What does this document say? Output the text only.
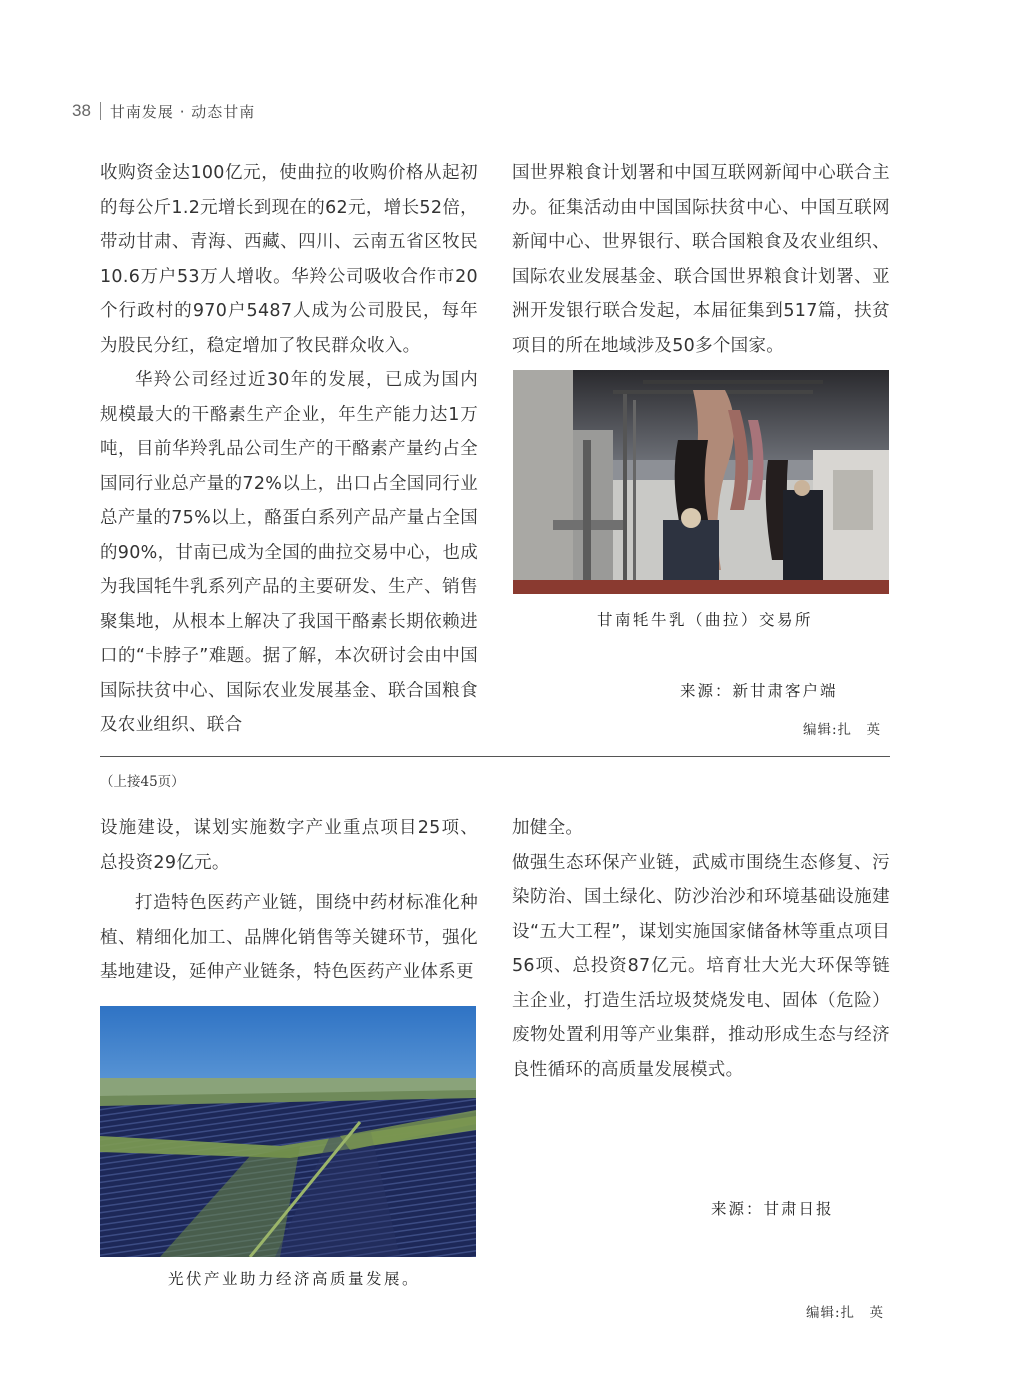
38 甘南发展 · 动态甘南

收购资金达100亿元，使曲拉的收购价格从起初的每公斤1.2元增长到现在的62元，增长52倍，带动甘肃、青海、西藏、四川、云南五省区牧民10.6万户53万人增收。华羚公司吸收合作市20个行政村的970户5487人成为公司股民，每年为股民分红，稳定增加了牧民群众收入。

华羚公司经过近30年的发展，已成为国内规模最大的干酪素生产企业，年生产能力达1万吨，目前华羚乳品公司生产的干酪素产量约占全国同行业总产量的72%以上，出口占全国同行业总产量的75%以上，酪蛋白系列产品产量占全国的90%，甘南已成为全国的曲拉交易中心，也成为我国牦牛乳系列产品的主要研发、生产、销售聚集地，从根本上解决了我国干酪素长期依赖进口的“卡脖子”难题。据了解，本次研讨会由中国国际扶贫中心、国际农业发展基金、联合国粮食及农业组织、联合

国世界粮食计划署和中国互联网新闻中心联合主办。征集活动由中国国际扶贫中心、中国互联网新闻中心、世界银行、联合国粮食及农业组织、国际农业发展基金、联合国世界粮食计划署、亚洲开发银行联合发起，本届征集到517篇，扶贫项目的所在地域涉及50多个国家。

甘南牦牛乳（曲拉）交易所
来源：新甘肃客户端
编辑:扎　英
（上接45页）

设施建设，谋划实施数字产业重点项目25项、总投资29亿元。

打造特色医药产业链，围绕中药材标准化种植、精细化加工、品牌化销售等关键环节，强化基地建设，延伸产业链条，特色医药产业体系更

加健全。

做强生态环保产业链，武威市围绕生态修复、污染防治、国土绿化、防沙治沙和环境基础设施建设“五大工程”，谋划实施国家储备林等重点项目56项、总投资87亿元。培育壮大光大环保等链主企业，打造生活垃圾焚烧发电、固体（危险）废物处置利用等产业集群，推动形成生态与经济良性循环的高质量发展模式。

光伏产业助力经济高质量发展。
来源：甘肃日报
编辑:扎　英
